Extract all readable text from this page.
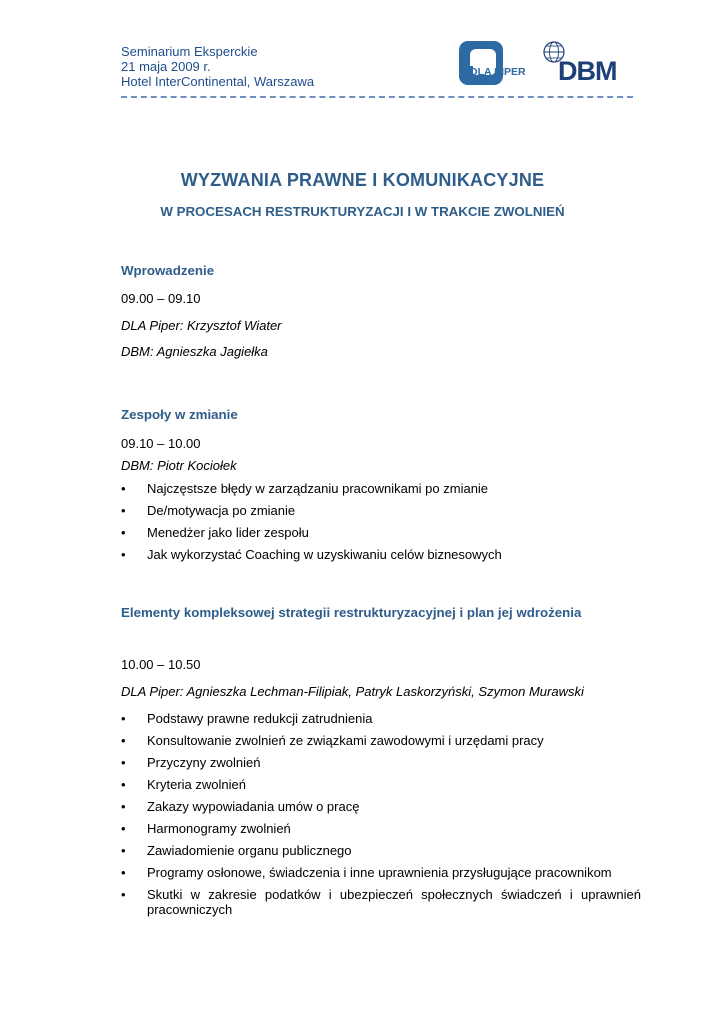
Seminarium Eksperckie
21 maja 2009 r.
Hotel InterContinental, Warszawa
DLA PIPER DBM
WYZWANIA PRAWNE I KOMUNIKACYJNE
W PROCESACH RESTRUKTURYZACJI I W TRAKCIE ZWOLNIEŃ
Wprowadzenie
09.00 – 09.10
DLA Piper: Krzysztof Wiater
DBM: Agnieszka Jagiełka
Zespoły w zmianie
09.10 – 10.00
DBM: Piotr Kociołek
• Najczęstsze błędy w zarządzaniu pracownikami po zmianie
• De/motywacja po zmianie
• Menedżer jako lider zespołu
• Jak wykorzystać Coaching w uzyskiwaniu celów biznesowych
Elementy kompleksowej strategii restrukturyzacyjnej i plan jej wdrożenia
10.00 – 10.50
DLA Piper: Agnieszka Lechman-Filipiak, Patryk Laskorzyński, Szymon Murawski
• Podstawy prawne redukcji zatrudnienia
• Konsultowanie zwolnień ze związkami zawodowymi i urzędami pracy
• Przyczyny zwolnień
• Kryteria zwolnień
• Zakazy wypowiadania umów o pracę
• Harmonogramy zwolnień
• Zawiadomienie organu publicznego
• Programy osłonowe, świadczenia i inne uprawnienia przysługujące pracownikom
• Skutki w zakresie podatków i ubezpieczeń społecznych świadczeń i uprawnień pracowniczych
